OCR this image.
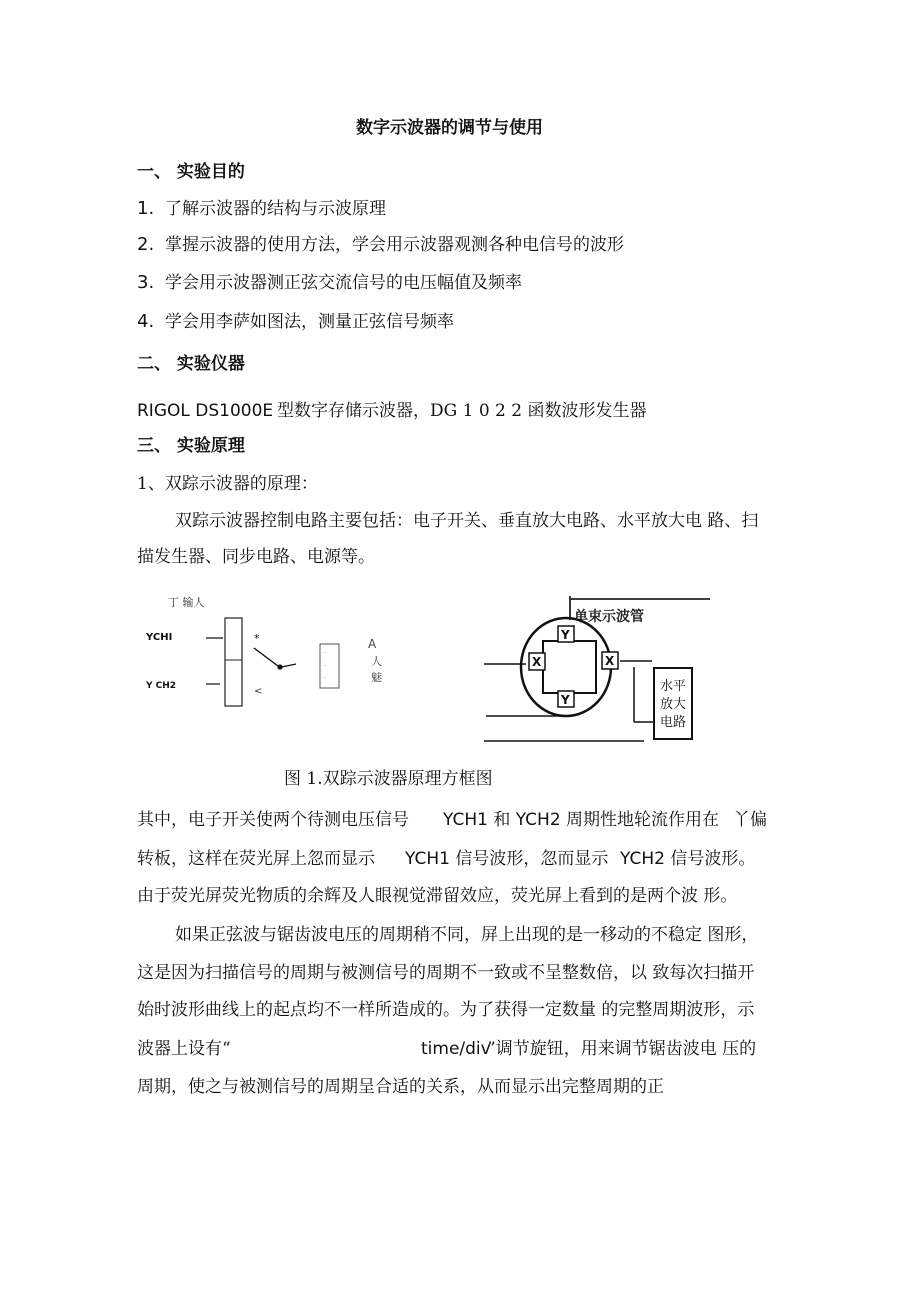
数字示波器的调节与使用
一、 实验目的
1. 了解示波器的结构与示波原理
2. 掌握示波器的使用方法，学会用示波器观测各种电信号的波形
3. 学会用示波器测正弦交流信号的电压幅值及频率
4. 学会用李萨如图法，测量正弦信号频率
二、 实验仪器
RIGOL DS1000E 型数字存储示波器，DG 1 0 2 2 函数波形发生器
三、 实验原理
1、双踪示波器的原理：
双踪示波器控制电路主要包括：电子开关、垂直放大电路、水平放大电 路、扫
描发生器、同步电路、电源等。
丁 输人
YCHI
Y CH2
*
<
·
·
·
A
人
魅
单束示波管
Y
Y
X	X
水平
放大
电路
图 1.双踪示波器原理方框图
其中，电子开关使两个待测电压信号 YCH1 和 YCH2 周期性地轮流作用在 丫偏
转板，这样在荧光屏上忽而显示 YCH1 信号波形，忽而显示 YCH2 信号波形。
由于荧光屏荧光物质的余辉及人眼视觉滞留效应，荧光屏上看到的是两个波 形。
如果正弦波与锯齿波电压的周期稍不同，屏上出现的是一移动的不稳定 图形，
这是因为扫描信号的周期与被测信号的周期不一致或不呈整数倍，以 致每次扫描开
始时波形曲线上的起点均不一样所造成的。为了获得一定数量 的完整周期波形，示
波器上设有“	time/div
”调节旋钮，用来调节锯齿波电 压的
周期，使之与被测信号的周期呈合适的关系，从而显示出完整周期的正
